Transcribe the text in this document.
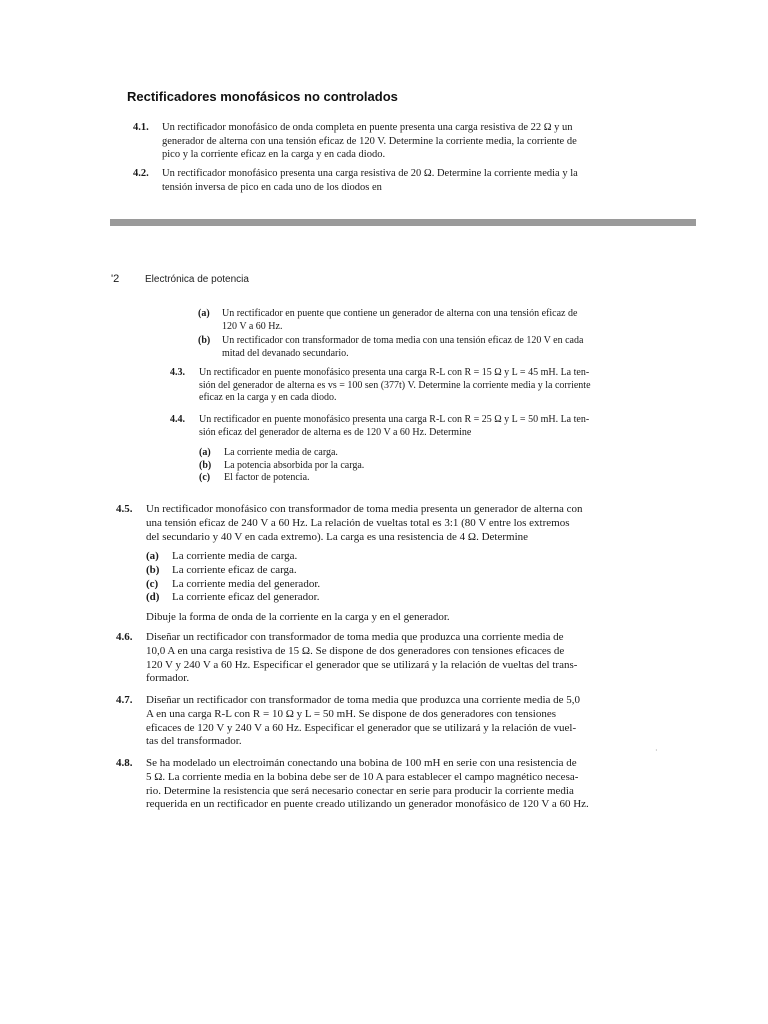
Rectificadores monofásicos no controlados
4.1. Un rectificador monofásico de onda completa en puente presenta una carga resistiva de 22 Ω y un
generador de alterna con una tensión eficaz de 120 V. Determine la corriente media, la corriente de
pico y la corriente eficaz en la carga y en cada diodo.
4.2. Un rectificador monofásico presenta una carga resistiva de 20 Ω. Determine la corriente media y la
tensión inversa de pico en cada uno de los diodos en
'2	Electrónica de potencia
(a) Un rectificador en puente que contiene un generador de alterna con una tensión eficaz de
120 V a 60 Hz.
(b) Un rectificador con transformador de toma media con una tensión eficaz de 120 V en cada
mitad del devanado secundario.
4.3. Un rectificador en puente monofásico presenta una carga R-L con R = 15 Ω y L = 45 mH. La ten-
sión del generador de alterna es vs = 100 sen (377t) V. Determine la corriente media y la corriente
eficaz en la carga y en cada diodo.
4.4. Un rectificador en puente monofásico presenta una carga R-L con R = 25 Ω y L = 50 mH. La ten-
sión eficaz del generador de alterna es de 120 V a 60 Hz. Determine
(a) La corriente media de carga.
(b) La potencia absorbida por la carga.
(c) El factor de potencia.
4.5. Un rectificador monofásico con transformador de toma media presenta un generador de alterna con
una tensión eficaz de 240 V a 60 Hz. La relación de vueltas total es 3:1 (80 V entre los extremos
del secundario y 40 V en cada extremo). La carga es una resistencia de 4 Ω. Determine
(a) La corriente media de carga.
(b) La corriente eficaz de carga.
(c) La corriente media del generador.
(d) La corriente eficaz del generador.
Dibuje la forma de onda de la corriente en la carga y en el generador.
4.6. Diseñar un rectificador con transformador de toma media que produzca una corriente media de
10,0 A en una carga resistiva de 15 Ω. Se dispone de dos generadores con tensiones eficaces de
120 V y 240 V a 60 Hz. Especificar el generador que se utilizará y la relación de vueltas del trans-
formador.
4.7. Diseñar un rectificador con transformador de toma media que produzca una corriente media de 5,0
A en una carga R-L con R = 10 Ω y L = 50 mH. Se dispone de dos generadores con tensiones
eficaces de 120 V y 240 V a 60 Hz. Especificar el generador que se utilizará y la relación de vuel-
tas del transformador.
·
4.8. Se ha modelado un electroimán conectando una bobina de 100 mH en serie con una resistencia de
5 Ω. La corriente media en la bobina debe ser de 10 A para establecer el campo magnético necesa-
rio. Determine la resistencia que será necesario conectar en serie para producir la corriente media
requerida en un rectificador en puente creado utilizando un generador monofásico de 120 V a 60 Hz.
